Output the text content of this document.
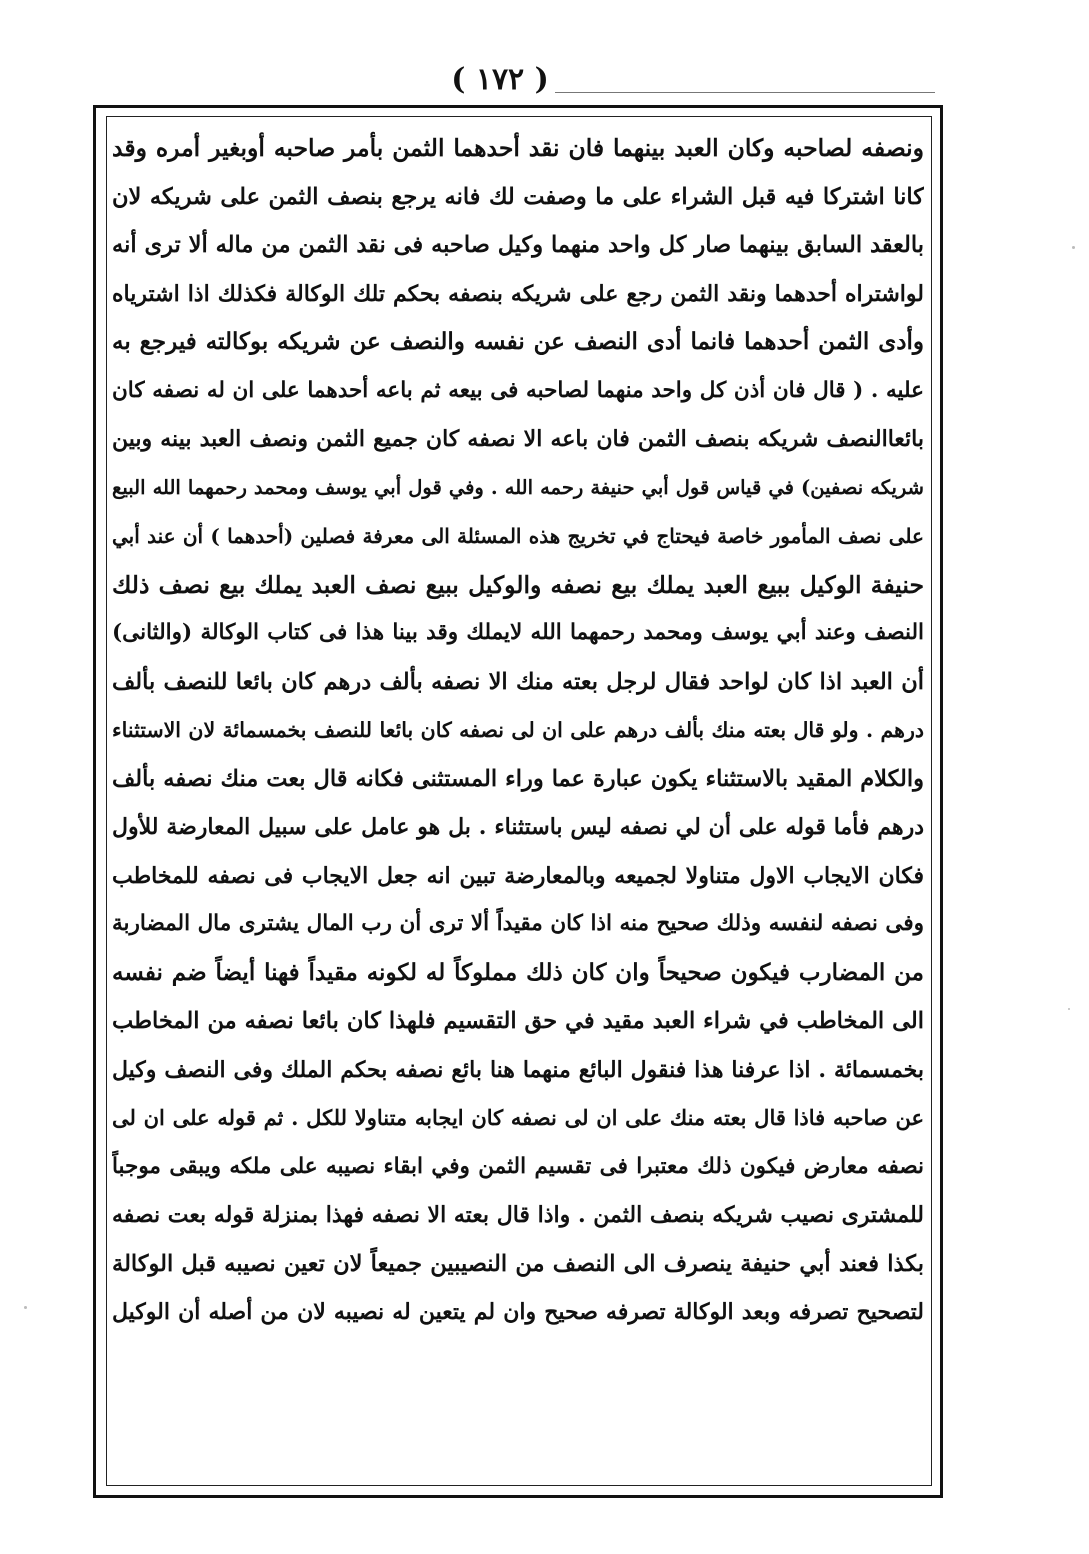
( ١٧٢ )
ونصفه لصاحبه وكان العبد بينهما فان نقد أحدهما الثمن بأمر صاحبه أوبغير أمره وقد
كانا اشتركا فيه قبل الشراء على ما وصفت لك فانه يرجع بنصف الثمن على شريكه لان
بالعقد السابق بينهما صار كل واحد منهما وكيل صاحبه فى نقد الثمن من ماله ألا ترى أنه
لواشتراه أحدهما ونقد الثمن رجع على شريكه بنصفه بحكم تلك الوكالة فكذلك اذا اشترياه
وأدى الثمن أحدهما فانما أدى النصف عن نفسه والنصف عن شريكه بوكالته فيرجع به
عليه . ( قال فان أذن كل واحد منهما لصاحبه فى بيعه ثم باعه أحدهما على ان له نصفه كان
بائعاالنصف شريكه بنصف الثمن فان باعه الا نصفه كان جميع الثمن ونصف العبد بينه وبين
شريكه نصفين) في قياس قول أبي حنيفة رحمه الله . وفي قول أبي يوسف ومحمد رحمهما الله البيع
على نصف المأمور خاصة فيحتاج في تخريج هذه المسئلة الى معرفة فصلين (أحدهما ) أن عند أبي
حنيفة الوكيل ببيع العبد يملك بيع نصفه والوكيل ببيع نصف العبد يملك بيع نصف ذلك
النصف وعند أبي يوسف ومحمد رحمهما الله لايملك وقد بينا هذا فى كتاب الوكالة (والثانى)
أن العبد اذا كان لواحد فقال لرجل بعته منك الا نصفه بألف درهم كان بائعا للنصف بألف
درهم . ولو قال بعته منك بألف درهم على ان لى نصفه كان بائعا للنصف بخمسمائة لان الاستثناء
والكلام المقيد بالاستثناء يكون عبارة عما وراء المستثنى فكانه قال بعت منك نصفه بألف
درهم فأما قوله على أن لي نصفه ليس باستثناء . بل هو عامل على سبيل المعارضة للأول
فكان الايجاب الاول متناولا لجميعه وبالمعارضة تبين انه جعل الايجاب فى نصفه للمخاطب
وفى نصفه لنفسه وذلك صحيح منه اذا كان مقيداً ألا ترى أن رب المال يشترى مال المضاربة
من المضارب فيكون صحيحاً وان كان ذلك مملوكاً له لكونه مقيداً فهنا أيضاً ضم نفسه
الى المخاطب في شراء العبد مقيد في حق التقسيم فلهذا كان بائعا نصفه من المخاطب
بخمسمائة . اذا عرفنا هذا فنقول البائع منهما هنا بائع نصفه بحكم الملك وفى النصف وكيل
عن صاحبه فاذا قال بعته منك على ان لى نصفه كان ايجابه متناولا للكل . ثم قوله على ان لى
نصفه معارض فيكون ذلك معتبرا فى تقسيم الثمن وفي ابقاء نصيبه على ملكه ويبقى موجباً
للمشترى نصيب شريكه بنصف الثمن . واذا قال بعته الا نصفه فهذا بمنزلة قوله بعت نصفه
بكذا فعند أبي حنيفة ينصرف الى النصف من النصيبين جميعاً لان تعين نصيبه قبل الوكالة
لتصحيح تصرفه وبعد الوكالة تصرفه صحيح وان لم يتعين له نصيبه لان من أصله أن الوكيل
